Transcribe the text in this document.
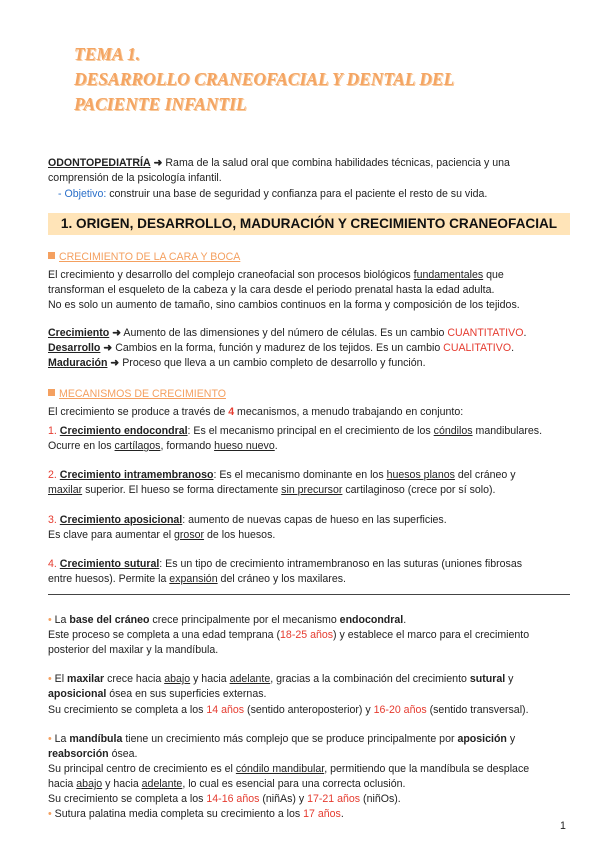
TEMA 1.
DESARROLLO CRANEOFACIAL Y DENTAL DEL
PACIENTE INFANTIL
ODONTOPEDIATRÍA ➜ Rama de la salud oral que combina habilidades técnicas, paciencia y una
comprensión de la psicología infantil.
- Objetivo: construir una base de seguridad y confianza para el paciente el resto de su vida.
1. ORIGEN, DESARROLLO, MADURACIÓN Y CRECIMIENTO CRANEOFACIAL
CRECIMIENTO DE LA CARA Y BOCA
El crecimiento y desarrollo del complejo craneofacial son procesos biológicos fundamentales que
transforman el esqueleto de la cabeza y la cara desde el periodo prenatal hasta la edad adulta.
No es solo un aumento de tamaño, sino cambios continuos en la forma y composición de los tejidos.
Crecimiento ➜ Aumento de las dimensiones y del número de células. Es un cambio CUANTITATIVO.
Desarrollo ➜ Cambios en la forma, función y madurez de los tejidos. Es un cambio CUALITATIVO.
Maduración ➜ Proceso que lleva a un cambio completo de desarrollo y función.
MECANISMOS DE CRECIMIENTO
El crecimiento se produce a través de 4 mecanismos, a menudo trabajando en conjunto:
1. Crecimiento endocondral: Es el mecanismo principal en el crecimiento de los cóndilos mandibulares.
Ocurre en los cartílagos, formando hueso nuevo.
2. Crecimiento intramembranoso: Es el mecanismo dominante en los huesos planos del cráneo y
maxilar superior. El hueso se forma directamente sin precursor cartilaginoso (crece por sí solo).
3. Crecimiento aposicional: aumento de nuevas capas de hueso en las superficies.
Es clave para aumentar el grosor de los huesos.
4. Crecimiento sutural: Es un tipo de crecimiento intramembranoso en las suturas (uniones fibrosas
entre huesos). Permite la expansión del cráneo y los maxilares.
• La base del cráneo crece principalmente por el mecanismo endocondral.
Este proceso se completa a una edad temprana (18-25 años) y establece el marco para el crecimiento
posterior del maxilar y la mandíbula.
• El maxilar crece hacia abajo y hacia adelante, gracias a la combinación del crecimiento sutural y
aposicional ósea en sus superficies externas.
Su crecimiento se completa a los 14 años (sentido anteroposterior) y 16-20 años (sentido transversal).
• La mandíbula tiene un crecimiento más complejo que se produce principalmente por aposición y
reabsorción ósea.
Su principal centro de crecimiento es el cóndilo mandibular, permitiendo que la mandíbula se desplace
hacia abajo y hacia adelante, lo cual es esencial para una correcta oclusión.
Su crecimiento se completa a los 14-16 años (niñAs) y 17-21 años (niñOs).
• Sutura palatina media completa su crecimiento a los 17 años.
1
